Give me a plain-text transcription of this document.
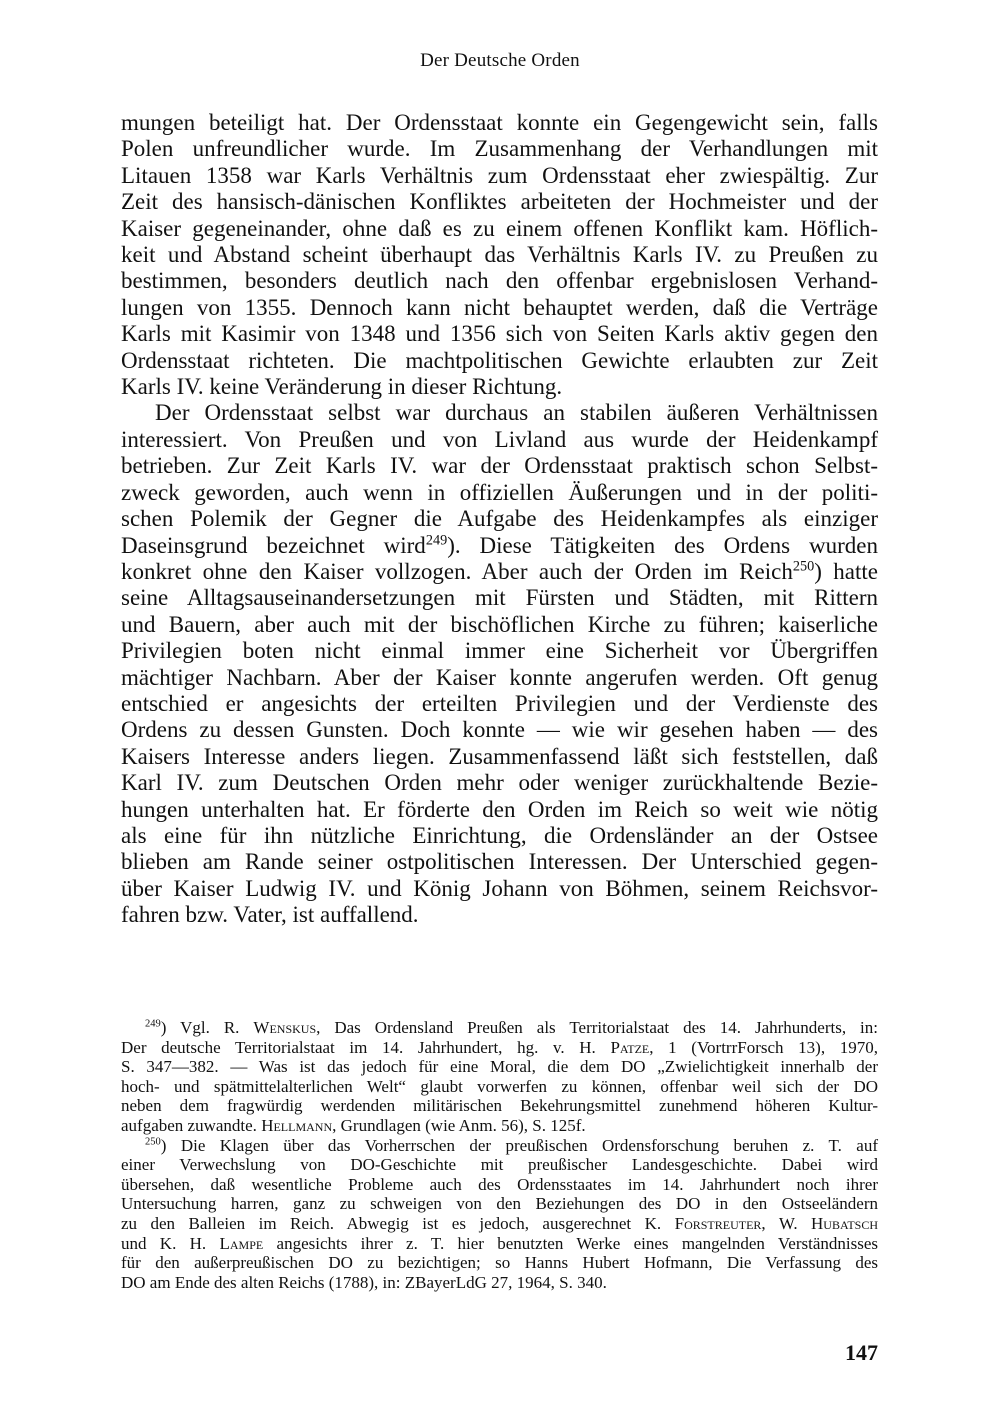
Der Deutsche Orden

mungen beteiligt hat. Der Ordensstaat konnte ein Gegengewicht sein, falls
Polen unfreundlicher wurde. Im Zusammenhang der Verhandlungen mit
Litauen 1358 war Karls Verhältnis zum Ordensstaat eher zwiespältig. Zur
Zeit des hansisch-dänischen Konfliktes arbeiteten der Hochmeister und der
Kaiser gegeneinander, ohne daß es zu einem offenen Konflikt kam. Höflich-
keit und Abstand scheint überhaupt das Verhältnis Karls IV. zu Preußen zu
bestimmen, besonders deutlich nach den offenbar ergebnislosen Verhand-
lungen von 1355. Dennoch kann nicht behauptet werden, daß die Verträge
Karls mit Kasimir von 1348 und 1356 sich von Seiten Karls aktiv gegen den
Ordensstaat richteten. Die machtpolitischen Gewichte erlaubten zur Zeit
Karls IV. keine Veränderung in dieser Richtung.

Der Ordensstaat selbst war durchaus an stabilen äußeren Verhältnissen
interessiert. Von Preußen und von Livland aus wurde der Heidenkampf
betrieben. Zur Zeit Karls IV. war der Ordensstaat praktisch schon Selbst-
zweck geworden, auch wenn in offiziellen Äußerungen und in der politi-
schen Polemik der Gegner die Aufgabe des Heidenkampfes als einziger
Daseinsgrund bezeichnet wird$^{249}$). Diese Tätigkeiten des Ordens wurden
konkret ohne den Kaiser vollzogen. Aber auch der Orden im Reich$^{250}$) hatte
seine Alltagsauseinandersetzungen mit Fürsten und Städten, mit Rittern
und Bauern, aber auch mit der bischöflichen Kirche zu führen; kaiserliche
Privilegien boten nicht einmal immer eine Sicherheit vor Übergriffen
mächtiger Nachbarn. Aber der Kaiser konnte angerufen werden. Oft genug
entschied er angesichts der erteilten Privilegien und der Verdienste des
Ordens zu dessen Gunsten. Doch konnte — wie wir gesehen haben — des
Kaisers Interesse anders liegen. Zusammenfassend läßt sich feststellen, daß
Karl IV. zum Deutschen Orden mehr oder weniger zurückhaltende Bezie-
hungen unterhalten hat. Er förderte den Orden im Reich so weit wie nötig
als eine für ihn nützliche Einrichtung, die Ordensländer an der Ostsee
blieben am Rande seiner ostpolitischen Interessen. Der Unterschied gegen-
über Kaiser Ludwig IV. und König Johann von Böhmen, seinem Reichsvor-
fahren bzw. Vater, ist auffallend.

$^{249}$) Vgl. R. Wenskus, Das Ordensland Preußen als Territorialstaat des 14. Jahrhunderts, in:
Der deutsche Territorialstaat im 14. Jahrhundert, hg. v. H. Patze, 1 (VortrrForsch 13), 1970,
S. 347—382. — Was ist das jedoch für eine Moral, die dem DO „Zwielichtigkeit innerhalb der
hoch- und spätmittelalterlichen Welt“ glaubt vorwerfen zu können, offenbar weil sich der DO
neben dem fragwürdig werdenden militärischen Bekehrungsmittel zunehmend höheren Kultur-
aufgaben zuwandte. Hellmann, Grundlagen (wie Anm. 56), S. 125f.

$^{250}$) Die Klagen über das Vorherrschen der preußischen Ordensforschung beruhen z. T. auf
einer Verwechslung von DO-Geschichte mit preußischer Landesgeschichte. Dabei wird
übersehen, daß wesentliche Probleme auch des Ordensstaates im 14. Jahrhundert noch ihrer
Untersuchung harren, ganz zu schweigen von den Beziehungen des DO in den Ostseeländern
zu den Balleien im Reich. Abwegig ist es jedoch, ausgerechnet K. Forstreuter, W. Hubatsch
und K. H. Lampe angesichts ihrer z. T. hier benutzten Werke eines mangelnden Verständnisses
für den außerpreußischen DO zu bezichtigen; so Hanns Hubert Hofmann, Die Verfassung des
DO am Ende des alten Reichs (1788), in: ZBayerLdG 27, 1964, S. 340.

147
